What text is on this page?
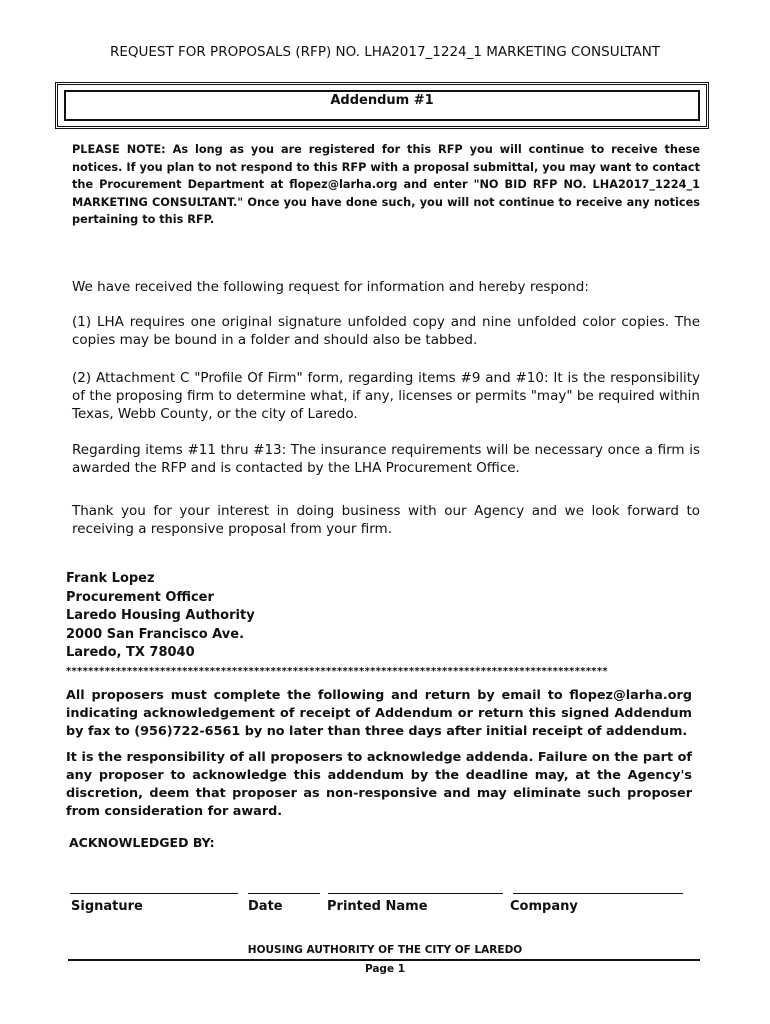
REQUEST FOR PROPOSALS (RFP) NO. LHA2017_1224_1 MARKETING CONSULTANT
Addendum #1
PLEASE NOTE: As long as you are registered for this RFP you will continue to receive these notices. If you plan to not respond to this RFP with a proposal submittal, you may want to contact the Procurement Department at flopez@larha.org and enter "NO BID RFP NO. LHA2017_1224_1 MARKETING CONSULTANT." Once you have done such, you will not continue to receive any notices pertaining to this RFP.
We have received the following request for information and hereby respond:
(1) LHA requires one original signature unfolded copy and nine unfolded color copies. The copies may be bound in a folder and should also be tabbed.
(2) Attachment C "Profile Of Firm" form, regarding items #9 and #10: It is the responsibility of the proposing firm to determine what, if any, licenses or permits "may" be required within Texas, Webb County, or the city of Laredo.
Regarding items #11 thru #13: The insurance requirements will be necessary once a firm is awarded the RFP and is contacted by the LHA Procurement Office.
Thank you for your interest in doing business with our Agency and we look forward to receiving a responsive proposal from your firm.
Frank Lopez
Procurement Officer
Laredo Housing Authority
2000 San Francisco Ave.
Laredo, TX 78040
**************************************************************************************************
All proposers must complete the following and return by email to flopez@larha.org indicating acknowledgement of receipt of Addendum or return this signed Addendum by fax to (956)722-6561 by no later than three days after initial receipt of addendum.
It is the responsibility of all proposers to acknowledge addenda. Failure on the part of any proposer to acknowledge this addendum by the deadline may, at the Agency's discretion, deem that proposer as non-responsive and may eliminate such proposer from consideration for award.
ACKNOWLEDGED BY:
Signature	Date	Printed Name	Company
HOUSING AUTHORITY OF THE CITY OF LAREDO
Page 1
